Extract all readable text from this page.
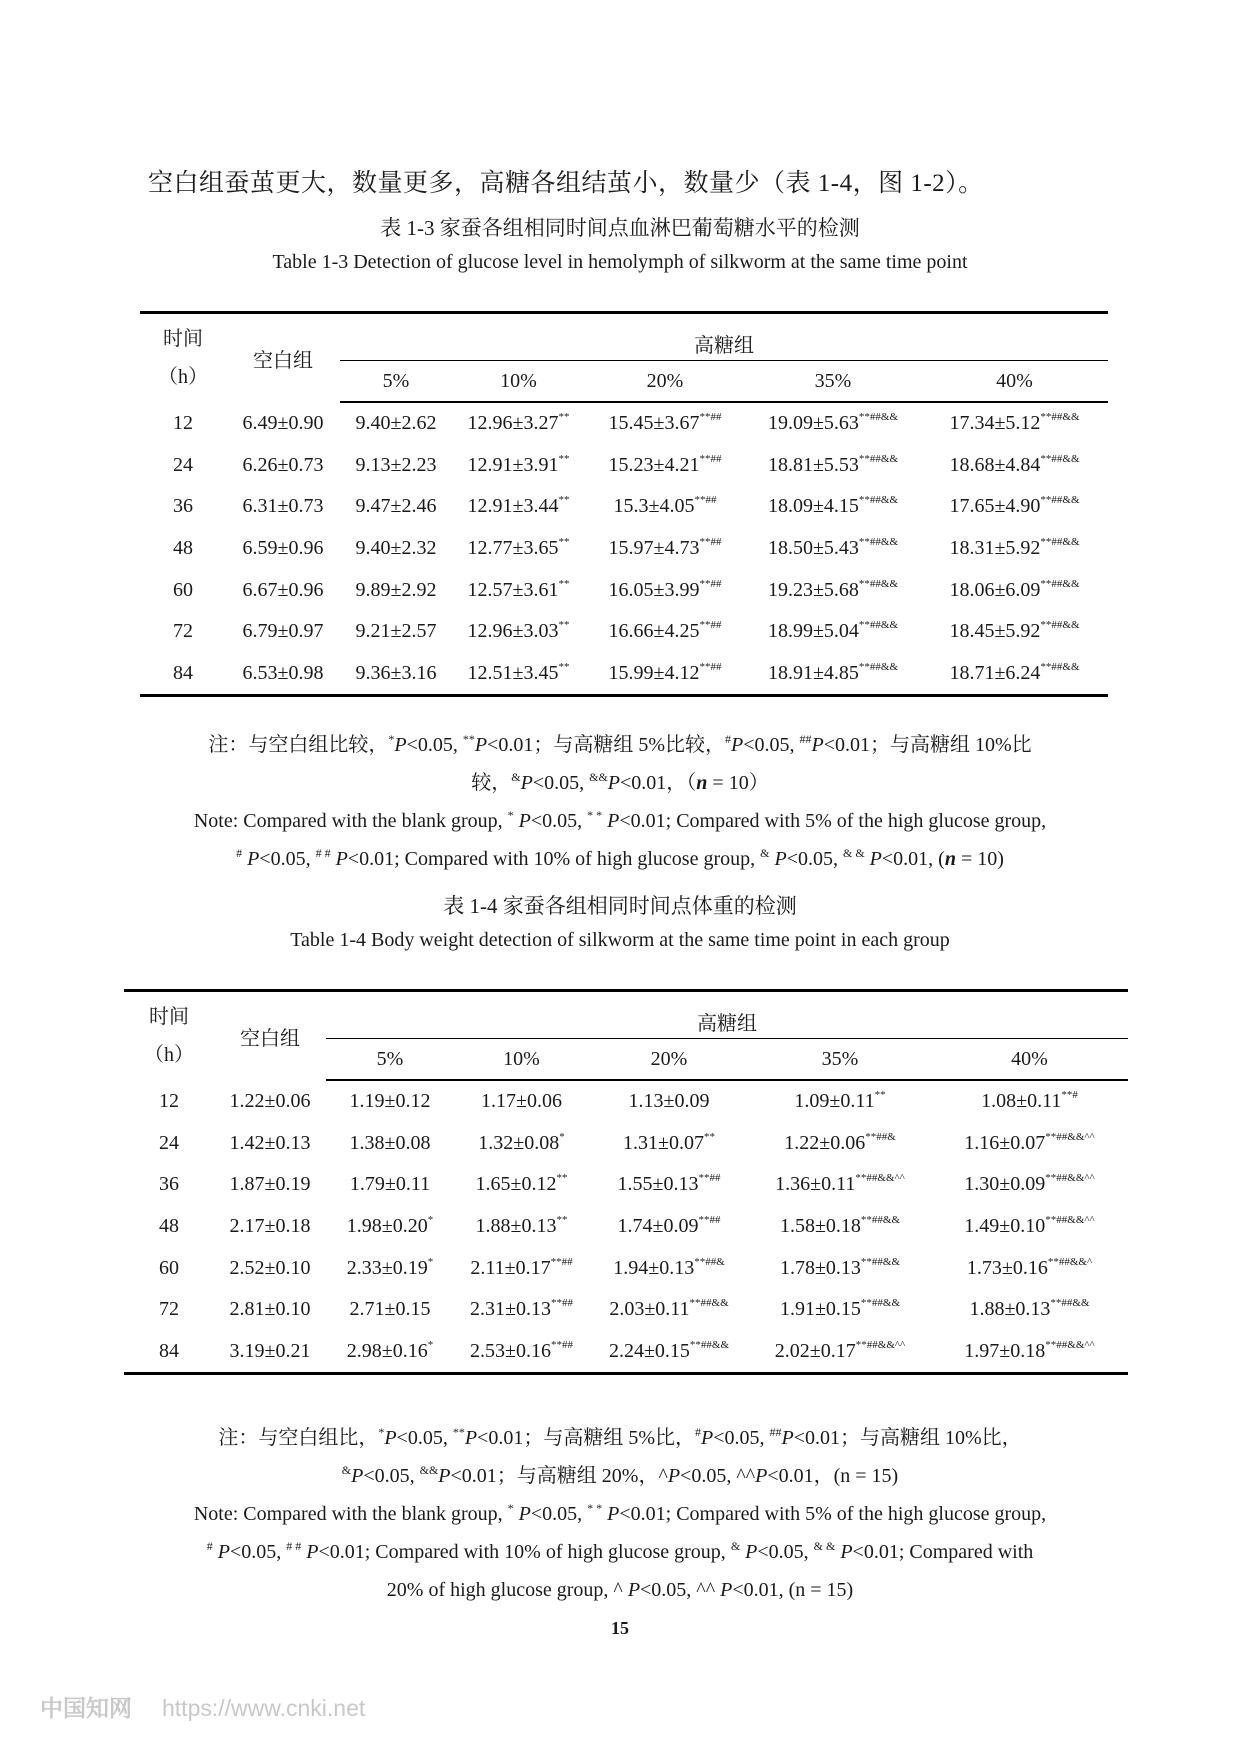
空白组蚕茧更大，数量更多，高糖各组结茧小，数量少（表 1-4，图 1-2）。
表 1-3 家蚕各组相同时间点血淋巴葡萄糖水平的检测
Table 1-3 Detection of glucose level in hemolymph of silkworm at the same time point
时间
（h）	空白组	高糖组				
		5%	10%	20%	35%	40%
12	6.49±0.90	9.40±2.62	12.96±3.27**	15.45±3.67**##	19.09±5.63**##&&	17.34±5.12**##&&
24	6.26±0.73	9.13±2.23	12.91±3.91**	15.23±4.21**##	18.81±5.53**##&&	18.68±4.84**##&&
36	6.31±0.73	9.47±2.46	12.91±3.44**	15.3±4.05**##	18.09±4.15**##&&	17.65±4.90**##&&
48	6.59±0.96	9.40±2.32	12.77±3.65**	15.97±4.73**##	18.50±5.43**##&&	18.31±5.92**##&&
60	6.67±0.96	9.89±2.92	12.57±3.61**	16.05±3.99**##	19.23±5.68**##&&	18.06±6.09**##&&
72	6.79±0.97	9.21±2.57	12.96±3.03**	16.66±4.25**##	18.99±5.04**##&&	18.45±5.92**##&&
84	6.53±0.98	9.36±3.16	12.51±3.45**	15.99±4.12**##	18.91±4.85**##&&	18.71±6.24**##&&
注：与空白组比较，*P<0.05, **P<0.01；与高糖组 5%比较，#P<0.05, ##P<0.01；与高糖组 10%比
较，&P<0.05, &&P<0.01，（n = 10）
Note: Compared with the blank group, * P<0.05, * * P<0.01; Compared with 5% of the high glucose group,
# P<0.05, # # P<0.01; Compared with 10% of high glucose group, & P<0.05, & & P<0.01, (n = 10)
表 1-4 家蚕各组相同时间点体重的检测
Table 1-4 Body weight detection of silkworm at the same time point in each group
时间
（h）	空白组	高糖组				
		5%	10%	20%	35%	40%
12	1.22±0.06	1.19±0.12	1.17±0.06	1.13±0.09	1.09±0.11**	1.08±0.11**#
24	1.42±0.13	1.38±0.08	1.32±0.08*	1.31±0.07**	1.22±0.06**##&	1.16±0.07**##&&^^
36	1.87±0.19	1.79±0.11	1.65±0.12**	1.55±0.13**##	1.36±0.11**##&&^^	1.30±0.09**##&&^^
48	2.17±0.18	1.98±0.20*	1.88±0.13**	1.74±0.09**##	1.58±0.18**##&&	1.49±0.10**##&&^^
60	2.52±0.10	2.33±0.19*	2.11±0.17**##	1.94±0.13**##&	1.78±0.13**##&&	1.73±0.16**##&&^
72	2.81±0.10	2.71±0.15	2.31±0.13**##	2.03±0.11**##&&	1.91±0.15**##&&	1.88±0.13**##&&
84	3.19±0.21	2.98±0.16*	2.53±0.16**##	2.24±0.15**##&&	2.02±0.17**##&&^^	1.97±0.18**##&&^^
注：与空白组比，*P<0.05, **P<0.01；与高糖组 5%比，#P<0.05, ##P<0.01；与高糖组 10%比，
&P<0.05, &&P<0.01；与高糖组 20%，^P<0.05, ^^P<0.01，(n = 15)
Note: Compared with the blank group, * P<0.05, * * P<0.01; Compared with 5% of the high glucose group,
# P<0.05, # # P<0.01; Compared with 10% of high glucose group, & P<0.05, & & P<0.01; Compared with
20% of high glucose group, ^ P<0.05, ^^ P<0.01, (n = 15)
15
中国知网 https://www.cnki.net
